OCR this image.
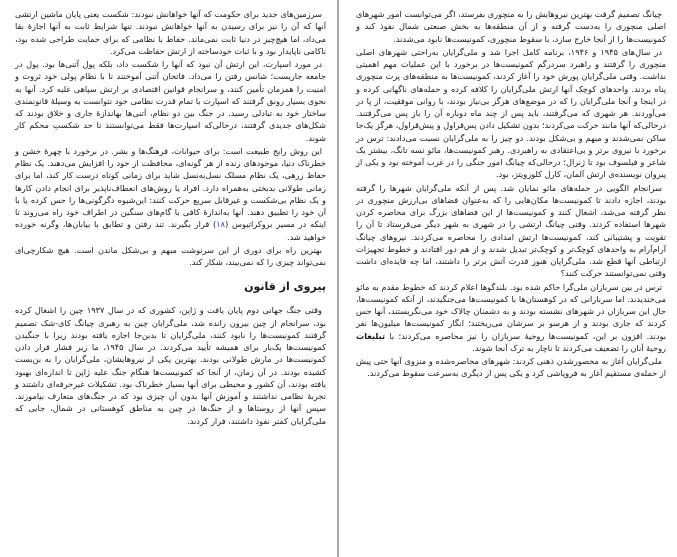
سرزمین‌های جدید برای حکومت که آنها خواهانش نبودند: شکست یعنی پایان ماشین ارتشی آنها که آن را نیز برای رسیدن به آنها خواهانش نبودند. تنها شرایط ثابت به آنها اجازهٔ بقا می‌داد، اما هیچ‌چیز در دنیا ثابت نمی‌ماند. حفاظ با نظامی که برای حمایت طراحی شده بود، ناکامی ناپایدار بود و با ثبات خودساخته از ارتش حفاظت می‌کرد.

در مورد اسپارت، این ارتش آن نبود که آنها را شکست داد، بلکه پول آتنی‌ها بود. پول در جامعه جاریست؛ شانس رفتن را می‌داد. فاتحان آتنی آموختند تا با نظام پولی خود ثروت و امنیت را همزمان تأمین کنند، و سرانجام قوانین اقتصادی بر ارتش سپاهی غلبه کرد. آنها به نحوی بسیار رونق گرفتند که اسپارت با تمام قدرت نظامی خود نتوانست به وسیلهٔ قانونمندی ساختار خود به تبادلی رسید. در جنگ بین دو نظام، آتنی‌ها بهاندازهٔ جاری و خلاق بودند که شکل‌های جدیدی گرفتند، درحالی‌که اسپارت‌ها فقط می‌توانستند تا حد شکستِ محکم کار شوند.

این روش رایج طبیعت است: برای حیوانات، فرهنگ‌ها و بشر. در برخورد با چهرهٔ خشن و خطرناک دنیا، موجودهای زنده از هر گونه‌ای، محافظت از خود را افزایش می‌دهند. یک نظام حفاظ زرهی، یک نظام مسلک نسل‌به‌نسل شاید برای زمانی کوتاه درست کار کند، اما برای زمانی طولانی بدبختی به‌همراه دارد. افراد یا روش‌های انعطاف‌ناپذیر برای انجام دادن کارها و یک نظام بی‌شکست و غیرقابل سریع حرکت کنند: این‌شیوه دگرگونی‌ها را حس کرده یا با آن خود را تطبیق دهند. آنها به‌اندازهٔ کافی با گام‌های سنگین در اطراف خود راه می‌روند تا اینکه در مسیر بروکراتیوس (۱۸) قرار بگیرند. تند رفتن و تطابق با بیابان‌ها، وگرنه خورده خواهید شد.

بهترین راه برای دوری از این سرنوشت مبهم و بی‌شکل ماندن است. هیچ شکارچی‌ای نمی‌تواند چیزی را که نمی‌بیند، شکار کند.

پیروی از قانون

وقتی جنگ جهانی دوم پایان یافت و ژاپن، کشوری که در سال ۱۹۳۷ چین را اشغال کرده بود، سرانجام از چین بیرون رانده شد، ملی‌گرایان چین به رهبری چیانگ کای-شک تصمیم گرفتند کمونیست‌ها را نابود کنند، ملی‌گرایان تا بدین‌جا اجازه یافته بودند زیرا با جنگیدن کمونیست‌ها یک‌بار برای همیشه تأیید می‌کردند. در سال ۱۹۴۵، ما زیر فشار قرار دادن کمونیست‌ها در مارش طولانی بودند. بهترین یکی از نیروهایشان، ملی‌گرایان را به بن‌بست کشیده بودند. در آن زمان، از آنجا که کمونیست‌ها هنگام جنگ علیه ژاپن تا اندازه‌ای بهبود یافته بودند، آن کشور و محیطی برای آنها بسیار خطرناک بود. تشکیلات غیرحرفه‌ای داشتند و تجربهٔ نظامی نداشتند و آموزش آنها بدون آن چیزی بود که در جنگ‌های متعارف بیاموزند. سپس آنها از روستاها و از جنگ‌ها در چین به مناطق کوهستانی در شمال، جایی که ملی‌گرایان کمتر نفوذ داشتند، فرار کردند.

چیانگ تصمیم گرفت بهترین نیروهایش را به منچوری بفرستد، اگر می‌توانست امور شهرهای اصلی منچوری را به‌دست گرفته و از آن منطقه‌ها به بخش صنعتی شمال نفوذ کند و کمونیست‌ها را از آنجا خارج سازد، با سقوط منچوری، کمونیست‌ها نابود می‌شدند.

در سال‌های ۱۹۴۵ و ۱۹۴۶، برنامه کامل اجرا شد و ملی‌گرایان به‌راحتی شهرهای اصلی منچوری را گرفتند و راهبرد سردرگم کمونیست‌ها در برخورد با این عملیات مهم اهمیتی نداشت. وقتی ملی‌گرایان پورش خود را آغاز کردند، کمونیست‌ها به منطقه‌های پرت منچوری پناه بردند. واحدهای کوچک آنها ارتش ملی‌گرایان را کلافه کرده و حمله‌های ناگهانی کرده و در اینجا و آنجا ملی‌گرایان را که در موضع‌های هرگز بی‌نیاز بودند، با روانی موفقیت، از پا در می‌آوردند. هر شهری که می‌گرفتند، باید پس از چند ماه دوباره آن را باز پس می‌گرفتند. درحالی‌که آنها مانند حرکت می‌کردند؛ بدون تشکیل دادن پس‌قراول و پیش‌قراول، هرگز یک‌جا ساکن نمی‌شدند و مبهم و بی‌شکل بودند. دو چیز را به ملی‌گرایان نسبت می‌دادند: ترس در برخورد با نیروی برتر و بی‌اعتقادی به راهبردی. رهبر کمونیست‌ها، مائو تسه تانگ، بیشتر یک شاعر و فیلسوف بود تا ژنرال؛ درحالی‌که چیانگ امور جنگی را در غرب آموخته بود و یکی از پیروان نویسنده‌ی ارتش آلمان، کارل کلوزویتز، بود.

سرانجام الگویی در حمله‌های مائو نمایان شد. پس از آنکه ملی‌گرایان شهرها را گرفته بودند، اجازه دادند تا کمونیست‌ها مکان‌هایی را که به‌عنوان فضاهای بی‌ارزش منچوری در نظر گرفته می‌شد، اشغال کنند و کمونیست‌ها از این فضاهای بزرگ برای محاصره کردن شهرها استفاده کردند. وقتی چیانگ ارتشی را در شهری به شهر دیگر می‌فرستاد تا آن را تقویت و پشتیبانی کند، کمونیست‌ها ارتش امدادی را محاصره می‌کردند. نیروهای چیانگ آرام‌آرام به واحدهای کوچک‌تر و کوچک‌تر تبدیل شدند و از هم دور افتادند و خطوط تجهیزات ارتباطی آنها قطع شد. ملی‌گرایان هنوز قدرت آتش برتر را داشتند، اما چه فایده‌ای داشت وقتی نمی‌توانستند حرکت کنند؟

ترس در بین سربازان ملی‌گرا حاکم شده بود. بلندگوها اعلام کردند که خطوط مقدم به مائو می‌خندیدند. اما سربازانی که در کوهستان‌ها با کمونیست‌ها می‌جنگیدند، از آنکه کمونیست‌ها، حال این سربازان در شهرهای نشسته بودند و به دشمنان چالاک خود می‌نگریستند، آنها حس کردند که جاری بودند و از هرسو بر سرشان می‌ریختند؛ انگار کمونیست‌ها میلیون‌ها نفر بودند. افزون بر این، کمونیست‌ها روحیهٔ سربازان را نیز محاصره می‌کردند؛ با تبلیغات روحیهٔ آنان را تضعیف می‌کردند تا ناچار به ترک آنجا شوند.

ملی‌گرایان آغاز به محصورشدن ذهنی کردند: شهرهای محاصره‌شده و منزوی آنها حتی پیش از حمله‌ی مستقیم آغاز به فروپاشی کرد و یکی پس از دیگری به‌سرعت سقوط می‌کردند.
